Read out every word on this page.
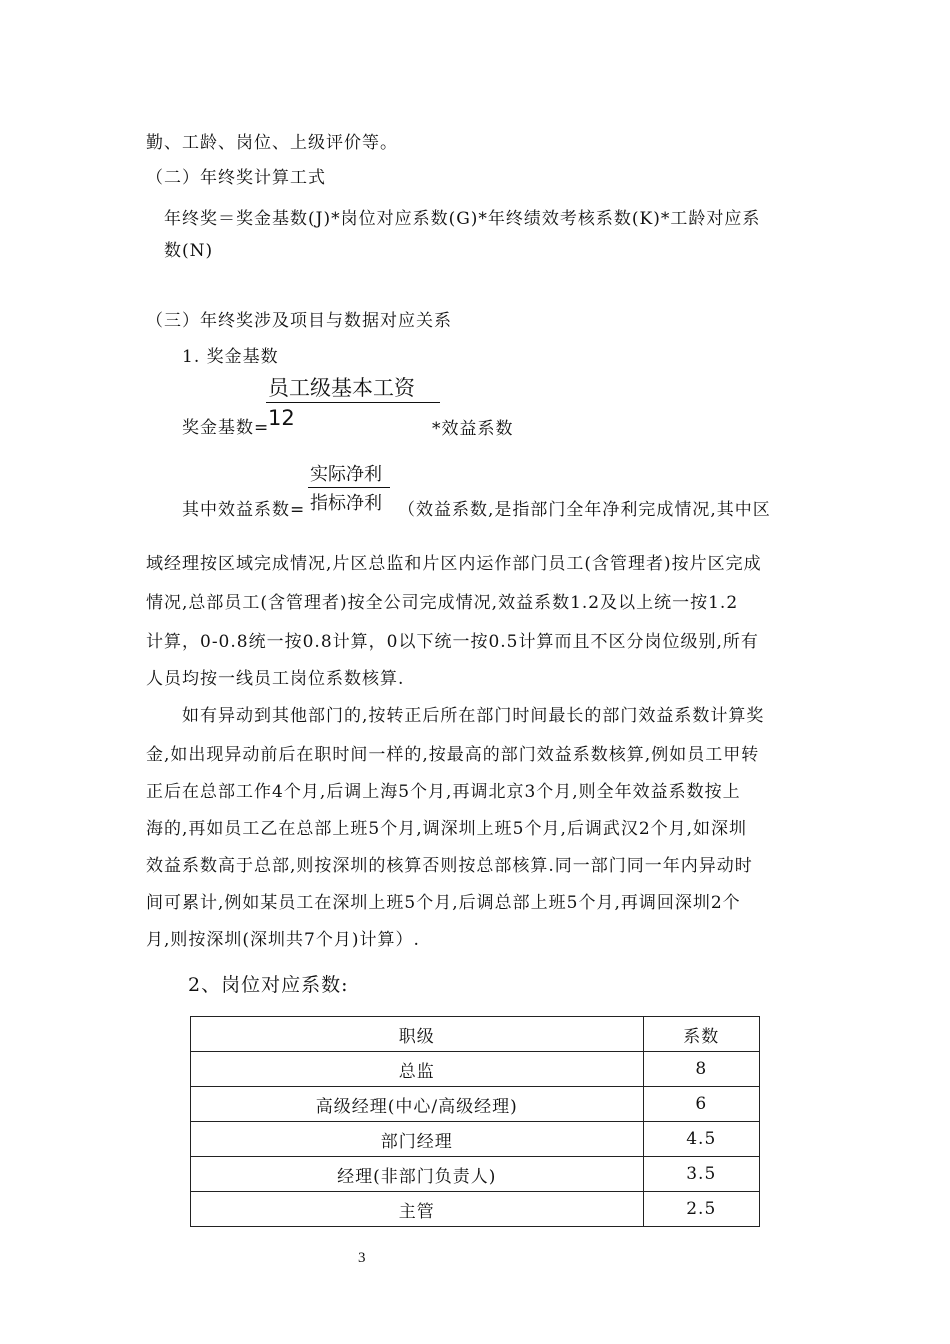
勤、工龄、岗位、上级评价等。
（二）年终奖计算工式
年终奖＝奖金基数(J)*岗位对应系数(G)*年终绩效考核系数(K)*工龄对应系
数(N)
（三）年终奖涉及项目与数据对应关系
1. 奖金基数
员工级基本工资
奖金基数=
12	*效益系数
实际净利
其中效益系数= 指标净利 （效益系数,是指部门全年净利完成情况,其中区
域经理按区域完成情况,片区总监和片区内运作部门员工(含管理者)按片区完成
情况,总部员工(含管理者)按全公司完成情况,效益系数1.2及以上统一按1.2
计算，0-0.8统一按0.8计算，0以下统一按0.5计算而且不区分岗位级别,所有
人员均按一线员工岗位系数核算.
如有异动到其他部门的,按转正后所在部门时间最长的部门效益系数计算奖
金,如出现异动前后在职时间一样的,按最高的部门效益系数核算,例如员工甲转
正后在总部工作4个月,后调上海5个月,再调北京3个月,则全年效益系数按上
海的,再如员工乙在总部上班5个月,调深圳上班5个月,后调武汉2个月,如深圳
效益系数高于总部,则按深圳的核算否则按总部核算.同一部门同一年内异动时
间可累计,例如某员工在深圳上班5个月,后调总部上班5个月,再调回深圳2个
月,则按深圳(深圳共7个月)计算）.
2、岗位对应系数:
职级	系数
总监	8
高级经理(中心/高级经理)	6
部门经理	4.5
经理(非部门负责人)	3.5
主管	2.5
3
